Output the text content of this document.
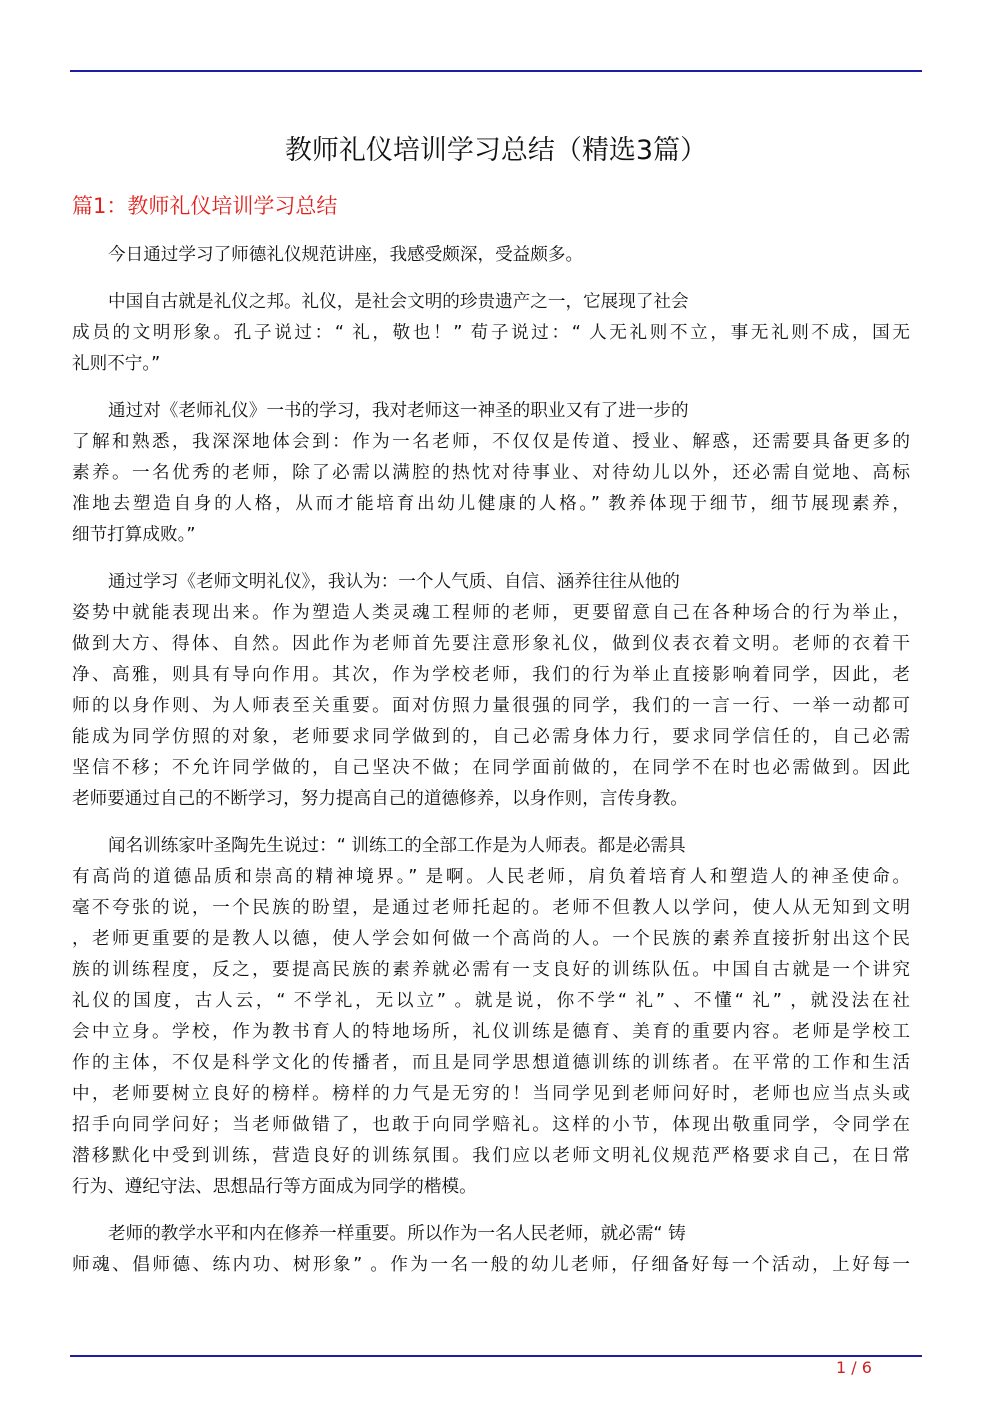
教师礼仪培训学习总结（精选3篇）
篇1：教师礼仪培训学习总结
今日通过学习了师德礼仪规范讲座，我感受颇深，受益颇多。
中国自古就是礼仪之邦。礼仪，是社会文明的珍贵遗产之一，它展现了社会
成员的文明形象。孔子说过：“ 礼，敬也！” 荀子说过：“ 人无礼则不立，事无礼则不成，国无
礼则不宁。”
通过对《老师礼仪》一书的学习，我对老师这一神圣的职业又有了进一步的
了解和熟悉，我深深地体会到：作为一名老师，不仅仅是传道、授业、解惑，还需要具备更多的
素养。一名优秀的老师，除了必需以满腔的热忱对待事业、对待幼儿以外，还必需自觉地、高标
准地去塑造自身的人格，从而才能培育出幼儿健康的人格。” 教养体现于细节，细节展现素养，
细节打算成败。”
通过学习《老师文明礼仪》，我认为：一个人气质、自信、涵养往往从他的
姿势中就能表现出来。作为塑造人类灵魂工程师的老师，更要留意自己在各种场合的行为举止，
做到大方、得体、自然。因此作为老师首先要注意形象礼仪，做到仪表衣着文明。老师的衣着干
净、高雅，则具有导向作用。其次，作为学校老师，我们的行为举止直接影响着同学，因此，老
师的以身作则、为人师表至关重要。面对仿照力量很强的同学，我们的一言一行、一举一动都可
能成为同学仿照的对象，老师要求同学做到的，自己必需身体力行，要求同学信任的，自己必需
坚信不移；不允许同学做的，自己坚决不做；在同学面前做的，在同学不在时也必需做到。因此
老师要通过自己的不断学习，努力提高自己的道德修养，以身作则，言传身教。
闻名训练家叶圣陶先生说过：“ 训练工的全部工作是为人师表。都是必需具
有高尚的道德品质和崇高的精神境界。” 是啊。人民老师，肩负着培育人和塑造人的神圣使命。
毫不夸张的说，一个民族的盼望，是通过老师托起的。老师不但教人以学问，使人从无知到文明
，老师更重要的是教人以德，使人学会如何做一个高尚的人。一个民族的素养直接折射出这个民
族的训练程度，反之，要提高民族的素养就必需有一支良好的训练队伍。中国自古就是一个讲究
礼仪的国度，古人云，“ 不学礼，无以立” 。就是说，你不学“ 礼” 、不懂“ 礼” ，就没法在社
会中立身。学校，作为教书育人的特地场所，礼仪训练是德育、美育的重要内容。老师是学校工
作的主体，不仅是科学文化的传播者，而且是同学思想道德训练的训练者。在平常的工作和生活
中，老师要树立良好的榜样。榜样的力气是无穷的！当同学见到老师问好时，老师也应当点头或
招手向同学问好；当老师做错了，也敢于向同学赔礼。这样的小节，体现出敬重同学，令同学在
潜移默化中受到训练，营造良好的训练氛围。我们应以老师文明礼仪规范严格要求自己，在日常
行为、遵纪守法、思想品行等方面成为同学的楷模。
老师的教学水平和内在修养一样重要。所以作为一名人民老师，就必需“ 铸
师魂、倡师德、练内功、树形象” 。作为一名一般的幼儿老师，仔细备好每一个活动，上好每一
1 / 6
